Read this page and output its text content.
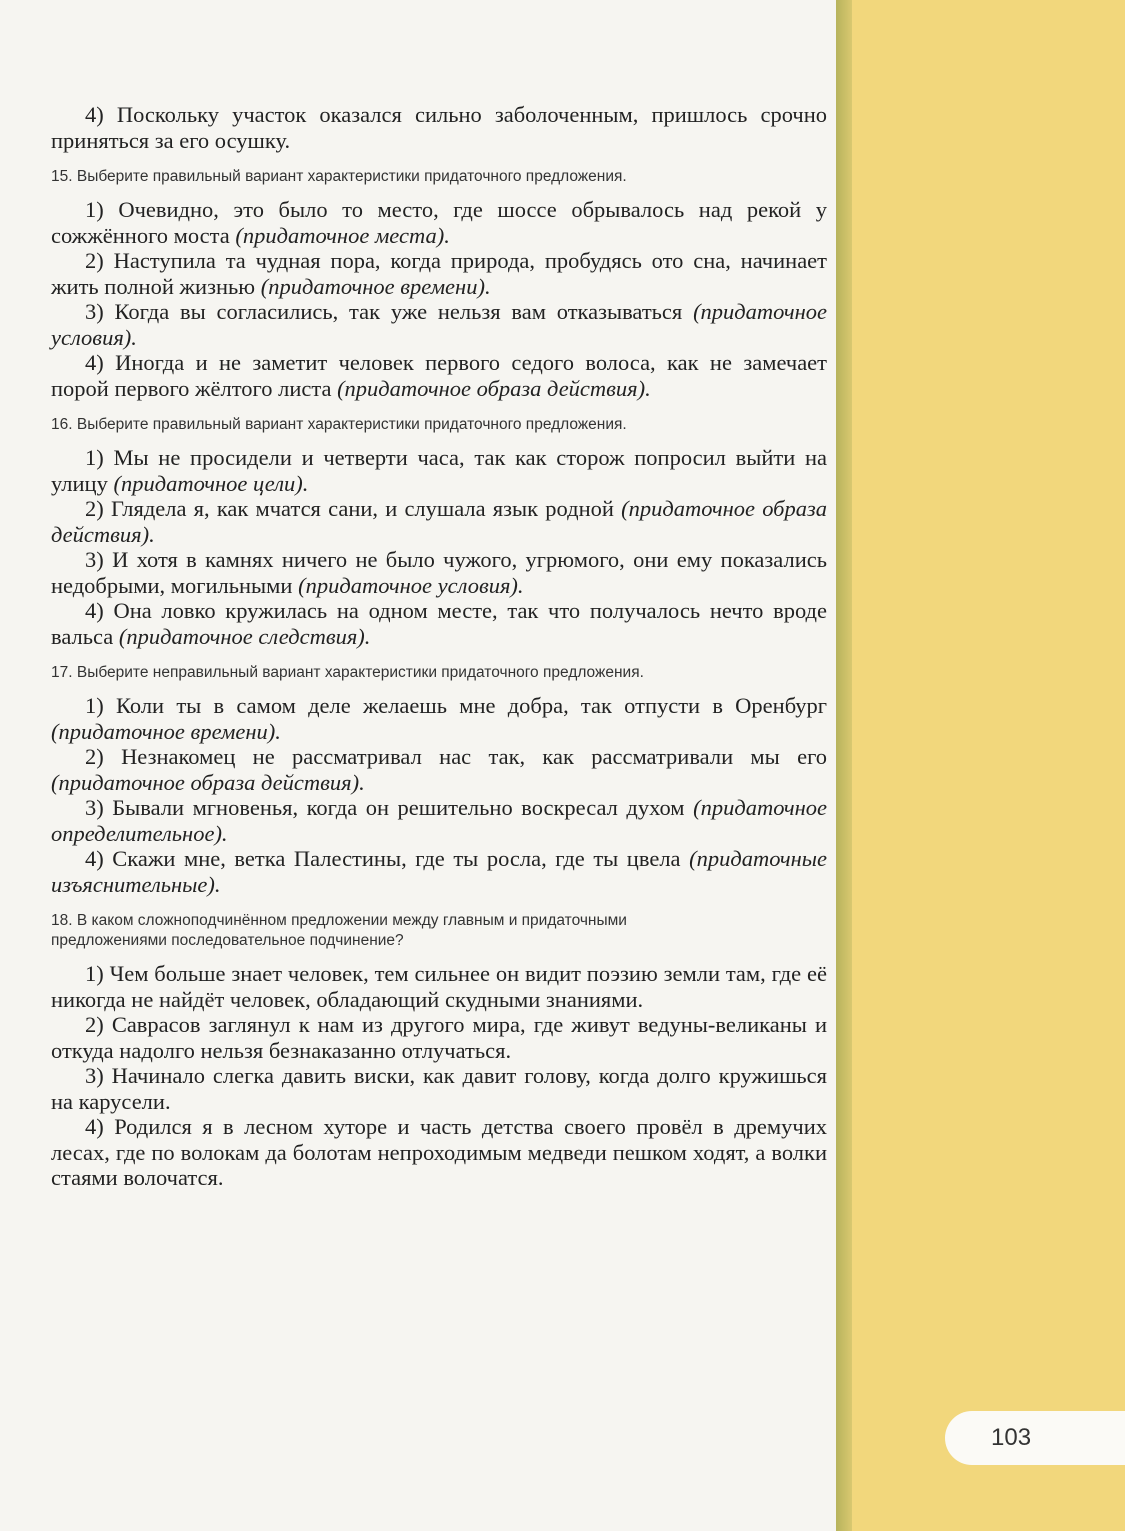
103

4) Поскольку участок оказался сильно заболоченным, пришлось срочно приняться за его осушку.

15. Выберите правильный вариант характеристики придаточного предложения.

1) Очевидно, это было то место, где шоссе обрывалось над рекой у сожжённого моста (придаточное места).

2) Наступила та чудная пора, когда природа, пробудясь ото сна, начинает жить полной жизнью (придаточное времени).

3) Когда вы согласились, так уже нельзя вам отказываться (придаточное условия).

4) Иногда и не заметит человек первого седого волоса, как не замечает порой первого жёлтого листа (придаточное образа действия).

16. Выберите правильный вариант характеристики придаточного предложения.

1) Мы не просидели и четверти часа, так как сторож попросил выйти на улицу (придаточное цели).

2) Глядела я, как мчатся сани, и слушала язык родной (придаточное образа действия).

3) И хотя в камнях ничего не было чужого, угрюмого, они ему показались недобрыми, могильными (придаточное условия).

4) Она ловко кружилась на одном месте, так что получалось нечто вроде вальса (придаточное следствия).

17. Выберите неправильный вариант характеристики придаточного предложения.

1) Коли ты в самом деле желаешь мне добра, так отпусти в Оренбург (придаточное времени).

2) Незнакомец не рассматривал нас так, как рассматривали мы его (придаточное образа действия).

3) Бывали мгновенья, когда он решительно воскресал духом (придаточное определительное).

4) Скажи мне, ветка Палестины, где ты росла, где ты цвела (придаточные изъяснительные).

18. В каком сложноподчинённом предложении между главным и придаточными
предложениями последовательное подчинение?

1) Чем больше знает человек, тем сильнее он видит поэзию земли там, где её никогда не найдёт человек, обладающий скудными знаниями.

2) Саврасов заглянул к нам из другого мира, где живут ведуны-великаны и откуда надолго нельзя безнаказанно отлучаться.

3) Начинало слегка давить виски, как давит голову, когда долго кружишься на карусели.

4) Родился я в лесном хуторе и часть детства своего провёл в дремучих лесах, где по волокам да болотам непроходимым медведи пешком ходят, а волки стаями волочатся.
